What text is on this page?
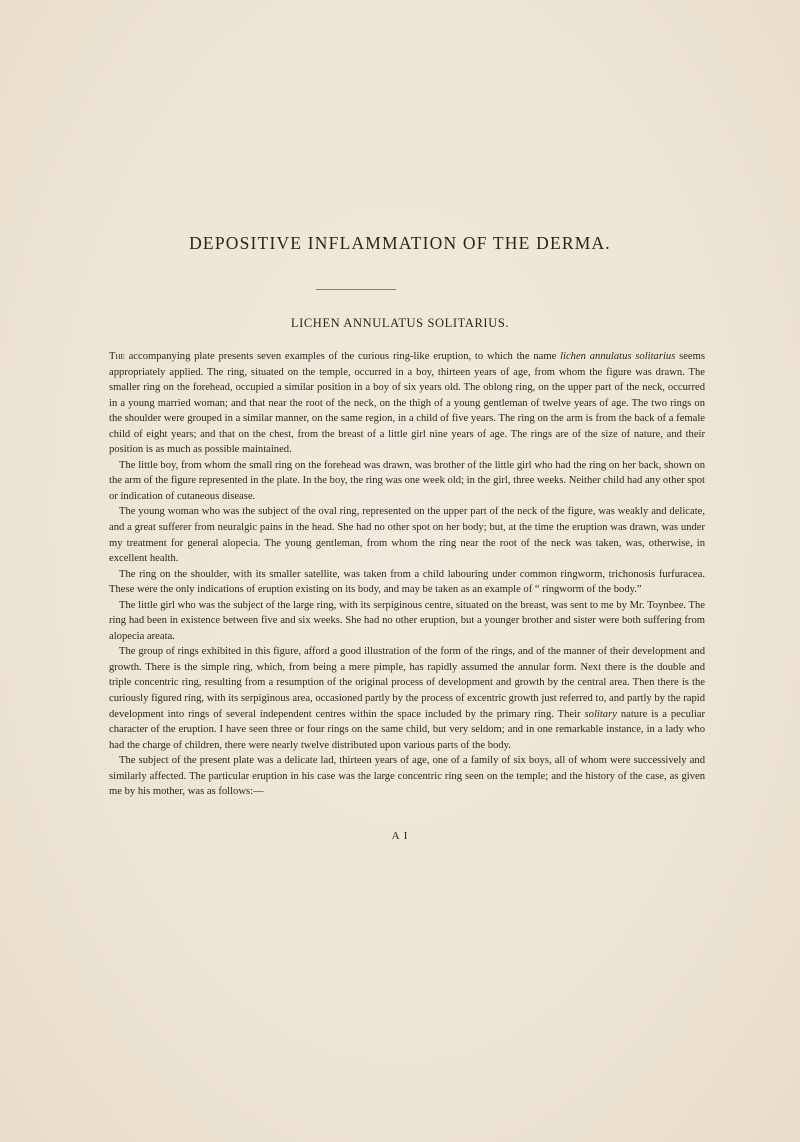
DEPOSITIVE INFLAMMATION OF THE DERMA.
LICHEN ANNULATUS SOLITARIUS.

The accompanying plate presents seven examples of the curious ring-like eruption, to which the name lichen annulatus solitarius seems appropriately applied. The ring, situated on the temple, occurred in a boy, thirteen years of age, from whom the figure was drawn. The smaller ring on the forehead, occupied a similar position in a boy of six years old. The oblong ring, on the upper part of the neck, occurred in a young married woman; and that near the root of the neck, on the thigh of a young gentleman of twelve years of age. The two rings on the shoulder were grouped in a similar manner, on the same region, in a child of five years. The ring on the arm is from the back of a female child of eight years; and that on the chest, from the breast of a little girl nine years of age. The rings are of the size of nature, and their position is as much as possible maintained.

The little boy, from whom the small ring on the forehead was drawn, was brother of the little girl who had the ring on her back, shown on the arm of the figure represented in the plate. In the boy, the ring was one week old; in the girl, three weeks. Neither child had any other spot or indication of cutaneous disease.

The young woman who was the subject of the oval ring, represented on the upper part of the neck of the figure, was weakly and delicate, and a great sufferer from neuralgic pains in the head. She had no other spot on her body; but, at the time the eruption was drawn, was under my treatment for general alopecia. The young gentleman, from whom the ring near the root of the neck was taken, was, otherwise, in excellent health.

The ring on the shoulder, with its smaller satellite, was taken from a child labouring under common ringworm, trichonosis furfuracea. These were the only indications of eruption existing on its body, and may be taken as an example of “ ringworm of the body.”

The little girl who was the subject of the large ring, with its serpiginous centre, situated on the breast, was sent to me by Mr. Toynbee. The ring had been in existence between five and six weeks. She had no other eruption, but a younger brother and sister were both suffering from alopecia areata.

The group of rings exhibited in this figure, afford a good illustration of the form of the rings, and of the manner of their development and growth. There is the simple ring, which, from being a mere pimple, has rapidly assumed the annular form. Next there is the double and triple concentric ring, resulting from a resumption of the original process of development and growth by the central area. Then there is the curiously figured ring, with its serpiginous area, occasioned partly by the process of excentric growth just referred to, and partly by the rapid development into rings of several independent centres within the space included by the primary ring. Their solitary nature is a peculiar character of the eruption. I have seen three or four rings on the same child, but very seldom; and in one remarkable instance, in a lady who had the charge of children, there were nearly twelve distributed upon various parts of the body.

The subject of the present plate was a delicate lad, thirteen years of age, one of a family of six boys, all of whom were successively and similarly affected. The particular eruption in his case was the large concentric ring seen on the temple; and the history of the case, as given me by his mother, was as follows:—

A I
